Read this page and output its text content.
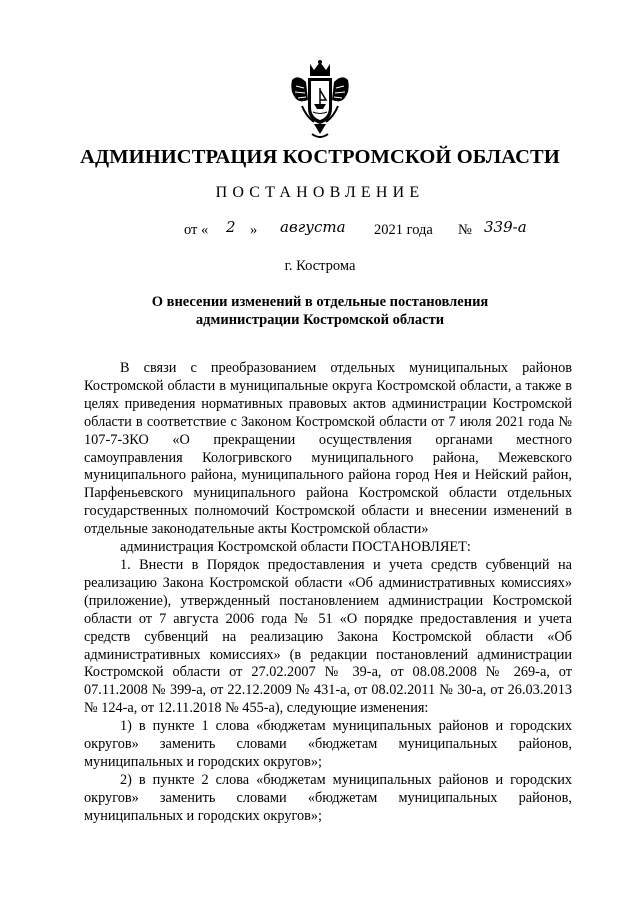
АДМИНИСТРАЦИЯ КОСТРОМСКОЙ ОБЛАСТИ
ПОСТАНОВЛЕНИЕ
от « 2 » августа 2021 года № 339-а
г. Кострома
О внесении изменений в отдельные постановления
администрации Костромской области

В связи с преобразованием отдельных муниципальных районов Костромской области в муниципальные округа Костромской области, а также в целях приведения нормативных правовых актов администрации Костромской области в соответствие с Законом Костромской области от 7 июля 2021 года № 107-7-ЗКО «О прекращении осуществления органами местного самоуправления Кологривского муниципального района, Межевского муниципального района, муниципального района город Нея и Нейский район, Парфеньевского муниципального района Костромской области отдельных государственных полномочий Костромской области и внесении изменений в отдельные законодательные акты Костромской области»

администрация Костромской области ПОСТАНОВЛЯЕТ:

1. Внести в Порядок предоставления и учета средств субвенций на реализацию Закона Костромской области «Об административных комиссиях» (приложение), утвержденный постановлением администрации Костромской области от 7 августа 2006 года № 51 «О порядке предоставления и учета средств субвенций на реализацию Закона Костромской области «Об административных комиссиях» (в редакции постановлений администрации Костромской области от 27.02.2007 № 39-а, от 08.08.2008 № 269-а, от 07.11.2008 № 399-а, от 22.12.2009 № 431-а, от 08.02.2011 № 30-а, от 26.03.2013 № 124-а, от 12.11.2018 № 455-а), следующие изменения:

1) в пункте 1 слова «бюджетам муниципальных районов и городских округов» заменить словами «бюджетам муниципальных районов, муниципальных и городских округов»;

2) в пункте 2 слова «бюджетам муниципальных районов и городских округов» заменить словами «бюджетам муниципальных районов, муниципальных и городских округов»;
